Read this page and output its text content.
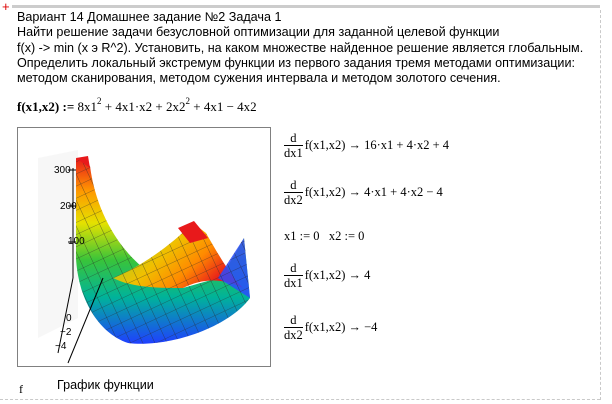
+
Вариант 14 Домашнее задание №2 Задача 1
Найти решение задачи безусловной оптимизации для заданной целевой функции
f(x) -> min (x э R^2). Установить, на каком множестве найденное решение является глобальным.
Определить локальный экстремум функции из первого задания тремя методами оптимизации:
методом сканирования, методом сужения интервала и методом золотого сечения.
f(x1,x2) := $8x1^2 + 4x1\cdot x2 + 2x2^2 + 4x1 - 4x2$
300
200
100
0
−2
−4
$\frac{d}{dx1} f(x1,x2) \to 16\cdot x1 + 4\cdot x2 + 4$
$\frac{d}{dx2} f(x1,x2) \to 4\cdot x1 + 4\cdot x2 - 4$
x1 := 0   x2 := 0
$\frac{d}{dx1} f(x1,x2) \to 4$
$\frac{d}{dx2} f(x1,x2) \to -4$
f	График функции
